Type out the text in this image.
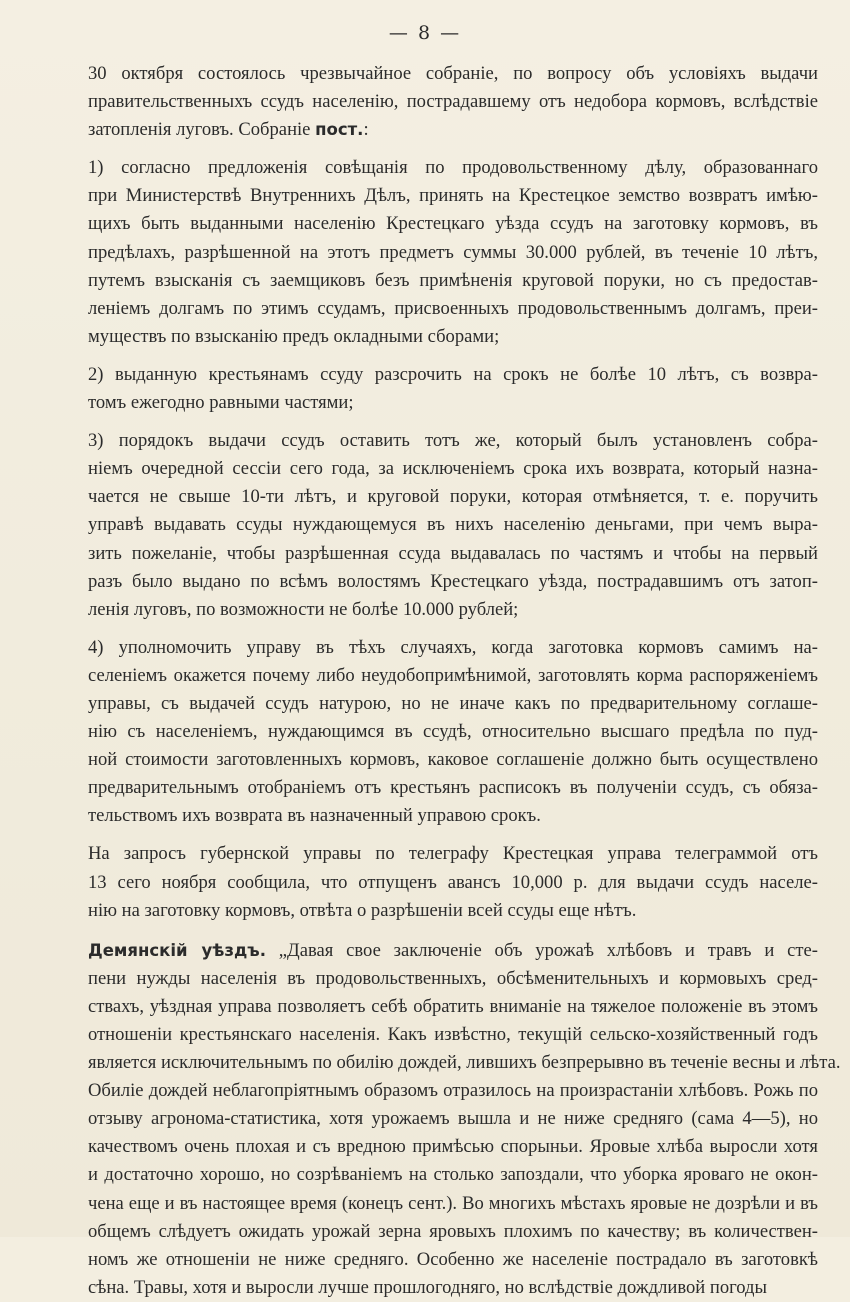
— 8 —
30 октября состоялось чрезвычайное собраніе, по вопросу объ условіяхъ выдачи
правительственныхъ ссудъ населенію, пострадавшему отъ недобора кормовъ, вслѣдствіе
затопленія луговъ. Собраніе пост.:
1) согласно предложенія совѣщанія по продовольственному дѣлу, образованнаго
при Министерствѣ Внутреннихъ Дѣлъ, принять на Крестецкое земство возвратъ имѣю-
щихъ быть выданными населенію Крестецкаго уѣзда ссудъ на заготовку кормовъ, въ
предѣлахъ, разрѣшенной на этотъ предметъ суммы 30.000 рублей, въ теченіе 10 лѣтъ,
путемъ взысканія съ заемщиковъ безъ примѣненія круговой поруки, но съ предостав-
леніемъ долгамъ по этимъ ссудамъ, присвоенныхъ продовольственнымъ долгамъ, преи-
муществъ по взысканію предъ окладными сборами;
2) выданную крестьянамъ ссуду разсрочить на срокъ не болѣе 10 лѣтъ, съ возвра-
томъ ежегодно равными частями;
3) порядокъ выдачи ссудъ оставить тотъ же, который былъ установленъ собра-
ніемъ очередной сессіи сего года, за исключеніемъ срока ихъ возврата, который назна-
чается не свыше 10-ти лѣтъ, и круговой поруки, которая отмѣняется, т. е. поручить
управѣ выдавать ссуды нуждающемуся въ нихъ населенію деньгами, при чемъ выра-
зить пожеланіе, чтобы разрѣшенная ссуда выдавалась по частямъ и чтобы на первый
разъ было выдано по всѣмъ волостямъ Крестецкаго уѣзда, пострадавшимъ отъ затоп-
ленія луговъ, по возможности не болѣе 10.000 рублей;
4) уполномочить управу въ тѣхъ случаяхъ, когда заготовка кормовъ самимъ на-
селеніемъ окажется почему либо неудобопримѣнимой, заготовлять корма распоряженіемъ
управы, съ выдачей ссудъ натурою, но не иначе какъ по предварительному соглаше-
нію съ населеніемъ, нуждающимся въ ссудѣ, относительно высшаго предѣла по пуд-
ной стоимости заготовленныхъ кормовъ, каковое соглашеніе должно быть осуществлено
предварительнымъ отобраніемъ отъ крестьянъ расписокъ въ полученіи ссудъ, съ обяза-
тельствомъ ихъ возврата въ назначенный управою срокъ.
На запросъ губернской управы по телеграфу Крестецкая управа телеграммой отъ
13 сего ноября сообщила, что отпущенъ авансъ 10,000 р. для выдачи ссудъ населе-
нію на заготовку кормовъ, отвѣта о разрѣшеніи всей ссуды еще нѣтъ.
Демянскій уѣздъ. „Давая свое заключеніе объ урожаѣ хлѣбовъ и травъ и сте-
пени нужды населенія въ продовольственныхъ, обсѣменительныхъ и кормовыхъ сред-
ствахъ, уѣздная управа позволяетъ себѣ обратить вниманіе на тяжелое положеніе въ этомъ
отношеніи крестьянскаго населенія. Какъ извѣстно, текущій сельско-хозяйственный годъ
является исключительнымъ по обилію дождей, лившихъ безпрерывно въ теченіе весны и лѣта.
Обиліе дождей неблагопріятнымъ образомъ отразилось на произрастаніи хлѣбовъ. Рожь по
отзыву агронома-статистика, хотя урожаемъ вышла и не ниже средняго (сама 4—5), но
качествомъ очень плохая и съ вредною примѣсью спорыньи. Яровые хлѣба выросли хотя
и достаточно хорошо, но созрѣваніемъ на столько запоздали, что уборка яроваго не окон-
чена еще и въ настоящее время (конецъ сент.). Во многихъ мѣстахъ яровые не дозрѣли и въ
общемъ слѣдуетъ ожидать урожай зерна яровыхъ плохимъ по качеству; въ количествен-
номъ же отношеніи не ниже средняго. Особенно же населеніе пострадало въ заготовкѣ
сѣна. Травы, хотя и выросли лучше прошлогодняго, но вслѣдствіе дождливой погоды
